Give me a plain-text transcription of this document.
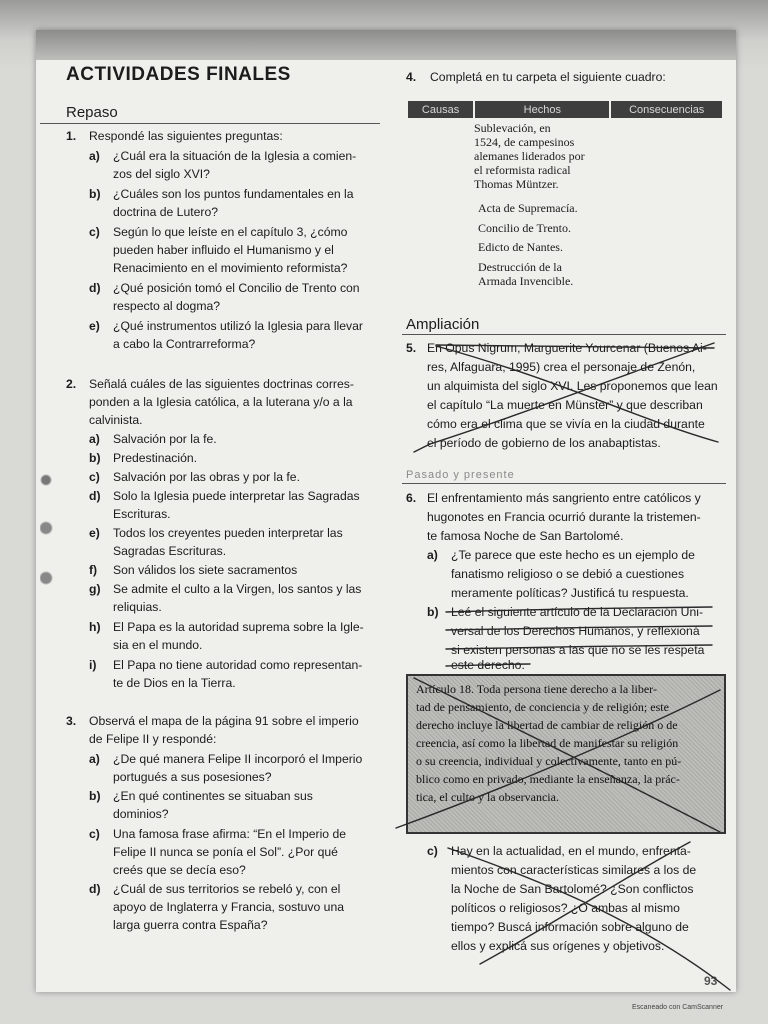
ACTIVIDADES FINALES
Repaso
1. Respondé las siguientes preguntas:
a) ¿Cuál era la situación de la Iglesia a comien-
zos del siglo XVI?
b) ¿Cuáles son los puntos fundamentales en la
doctrina de Lutero?
c) Según lo que leíste en el capítulo 3, ¿cómo
pueden haber influido el Humanismo y el
Renacimiento en el movimiento reformista?
d) ¿Qué posición tomó el Concilio de Trento con
respecto al dogma?
e) ¿Qué instrumentos utilizó la Iglesia para llevar
a cabo la Contrarreforma?
2. Señalá cuáles de las siguientes doctrinas corres-
ponden a la Iglesia católica, a la luterana y/o a la
calvinista.
a) Salvación por la fe.
b) Predestinación.
c) Salvación por las obras y por la fe.
d) Solo la Iglesia puede interpretar las Sagradas
Escrituras.
e) Todos los creyentes pueden interpretar las
Sagradas Escrituras.
f) Son válidos los siete sacramentos
g) Se admite el culto a la Virgen, los santos y las
reliquias.
h) El Papa es la autoridad suprema sobre la Igle-
sia en el mundo.
i) El Papa no tiene autoridad como representan-
te de Dios en la Tierra.
3. Observá el mapa de la página 91 sobre el imperio
de Felipe II y respondé:
a) ¿De qué manera Felipe II incorporó el Imperio
portugués a sus posesiones?
b) ¿En qué continentes se situaban sus
dominios?
c) Una famosa frase afirma: “En el Imperio de
Felipe II nunca se ponía el Sol”. ¿Por qué
creés que se decía eso?
d) ¿Cuál de sus territorios se rebeló y, con el
apoyo de Inglaterra y Francia, sostuvo una
larga guerra contra España?
4. Completá en tu carpeta el siguiente cuadro:
Causas	Hechos	Consecuencias
Sublevación, en
1524, de campesinos
alemanes liderados por
el reformista radical
Thomas Müntzer.
Acta de Supremacía.
Concilio de Trento.
Edicto de Nantes.
Destrucción de la
Armada Invencible.
Ampliación
5. En Opus Nigrum, Marguerite Yourcenar (Buenos Ai-
res, Alfaguara, 1995) crea el personaje de Zenón,
un alquimista del siglo XVI. Les proponemos que lean
el capítulo “La muerte en Münster” y que describan
cómo era el clima que se vivía en la ciudad durante
el período de gobierno de los anabaptistas.
Pasado y presente
6. El enfrentamiento más sangriento entre católicos y
hugonotes en Francia ocurrió durante la tristemen-
te famosa Noche de San Bartolomé.
a) ¿Te parece que este hecho es un ejemplo de
fanatismo religioso o se debió a cuestiones
meramente políticas? Justificá tu respuesta.
b) Leé el siguiente artículo de la Declaración Uni-
versal de los Derechos Humanos, y reflexioná
si existen personas a las que no se les respeta
este derecho.
Artículo 18. Toda persona tiene derecho a la liber-
tad de pensamiento, de conciencia y de religión; este
derecho incluye la libertad de cambiar de religión o de
creencia, así como la libertad de manifestar su religión
o su creencia, individual y colectivamente, tanto en pú-
blico como en privado, mediante la enseñanza, la prác-
tica, el culto y la observancia.
c) Hay en la actualidad, en el mundo, enfrenta-
mientos con características similares a los de
la Noche de San Bartolomé? ¿Son conflictos
políticos o religiosos? ¿O ambas al mismo
tiempo? Buscá información sobre alguno de
ellos y explicá sus orígenes y objetivos.
93
Escaneado con CamScanner
